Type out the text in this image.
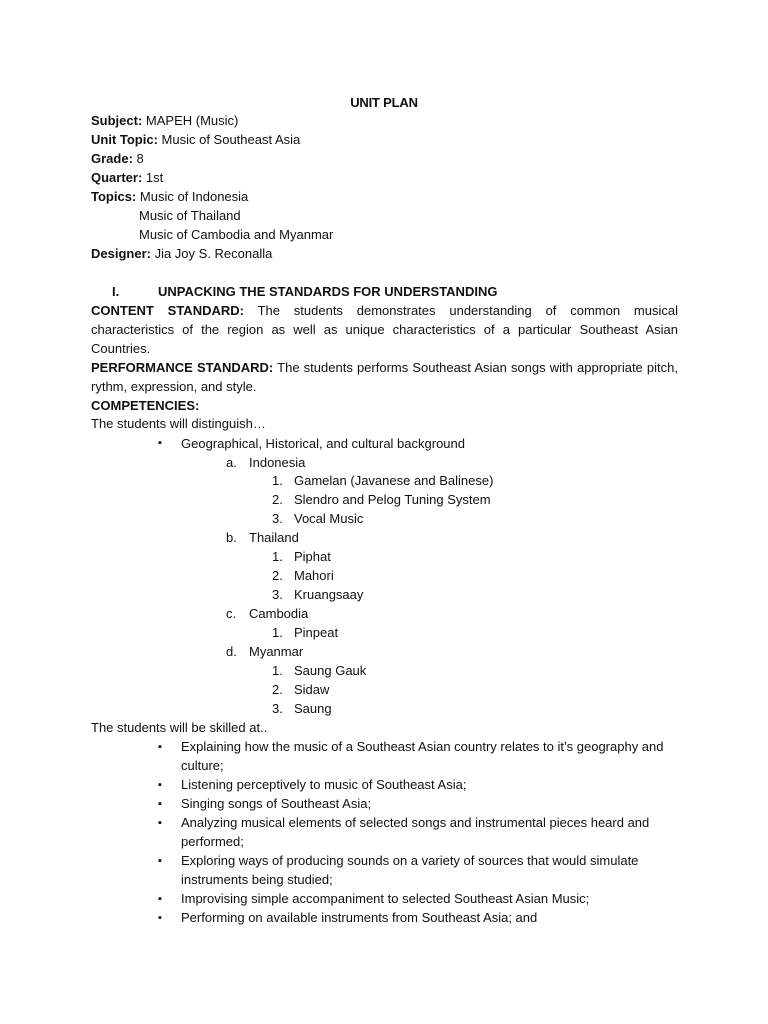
UNIT PLAN
Subject: MAPEH (Music)
Unit Topic: Music of Southeast Asia
Grade: 8
Quarter: 1st
Topics: Music of Indonesia
Music of Thailand
Music of Cambodia and Myanmar
Designer: Jia Joy S. Reconalla
I.	UNPACKING THE STANDARDS FOR UNDERSTANDING
CONTENT STANDARD: The students demonstrates understanding of common musical characteristics of the region as well as unique characteristics of a particular Southeast Asian Countries.
PERFORMANCE STANDARD: The students performs Southeast Asian songs with appropriate pitch, rythm, expression, and style.
COMPETENCIES:
The students will distinguish…
▪ Geographical, Historical, and cultural background
a. Indonesia
1. Gamelan (Javanese and Balinese)
2. Slendro and Pelog Tuning System
3. Vocal Music
b. Thailand
1. Piphat
2. Mahori
3. Kruangsaay
c. Cambodia
1. Pinpeat
d. Myanmar
1. Saung Gauk
2. Sidaw
3. Saung
The students will be skilled at..
▪ Explaining how the music of a Southeast Asian country relates to it’s geography and culture;
▪ Listening perceptively to music of Southeast Asia;
▪ Singing songs of Southeast Asia;
▪ Analyzing musical elements of selected songs and instrumental pieces heard and performed;
▪ Exploring ways of producing sounds on a variety of sources that would simulate instruments being studied;
▪ Improvising simple accompaniment to selected Southeast Asian Music;
▪ Performing on available instruments from Southeast Asia; and
